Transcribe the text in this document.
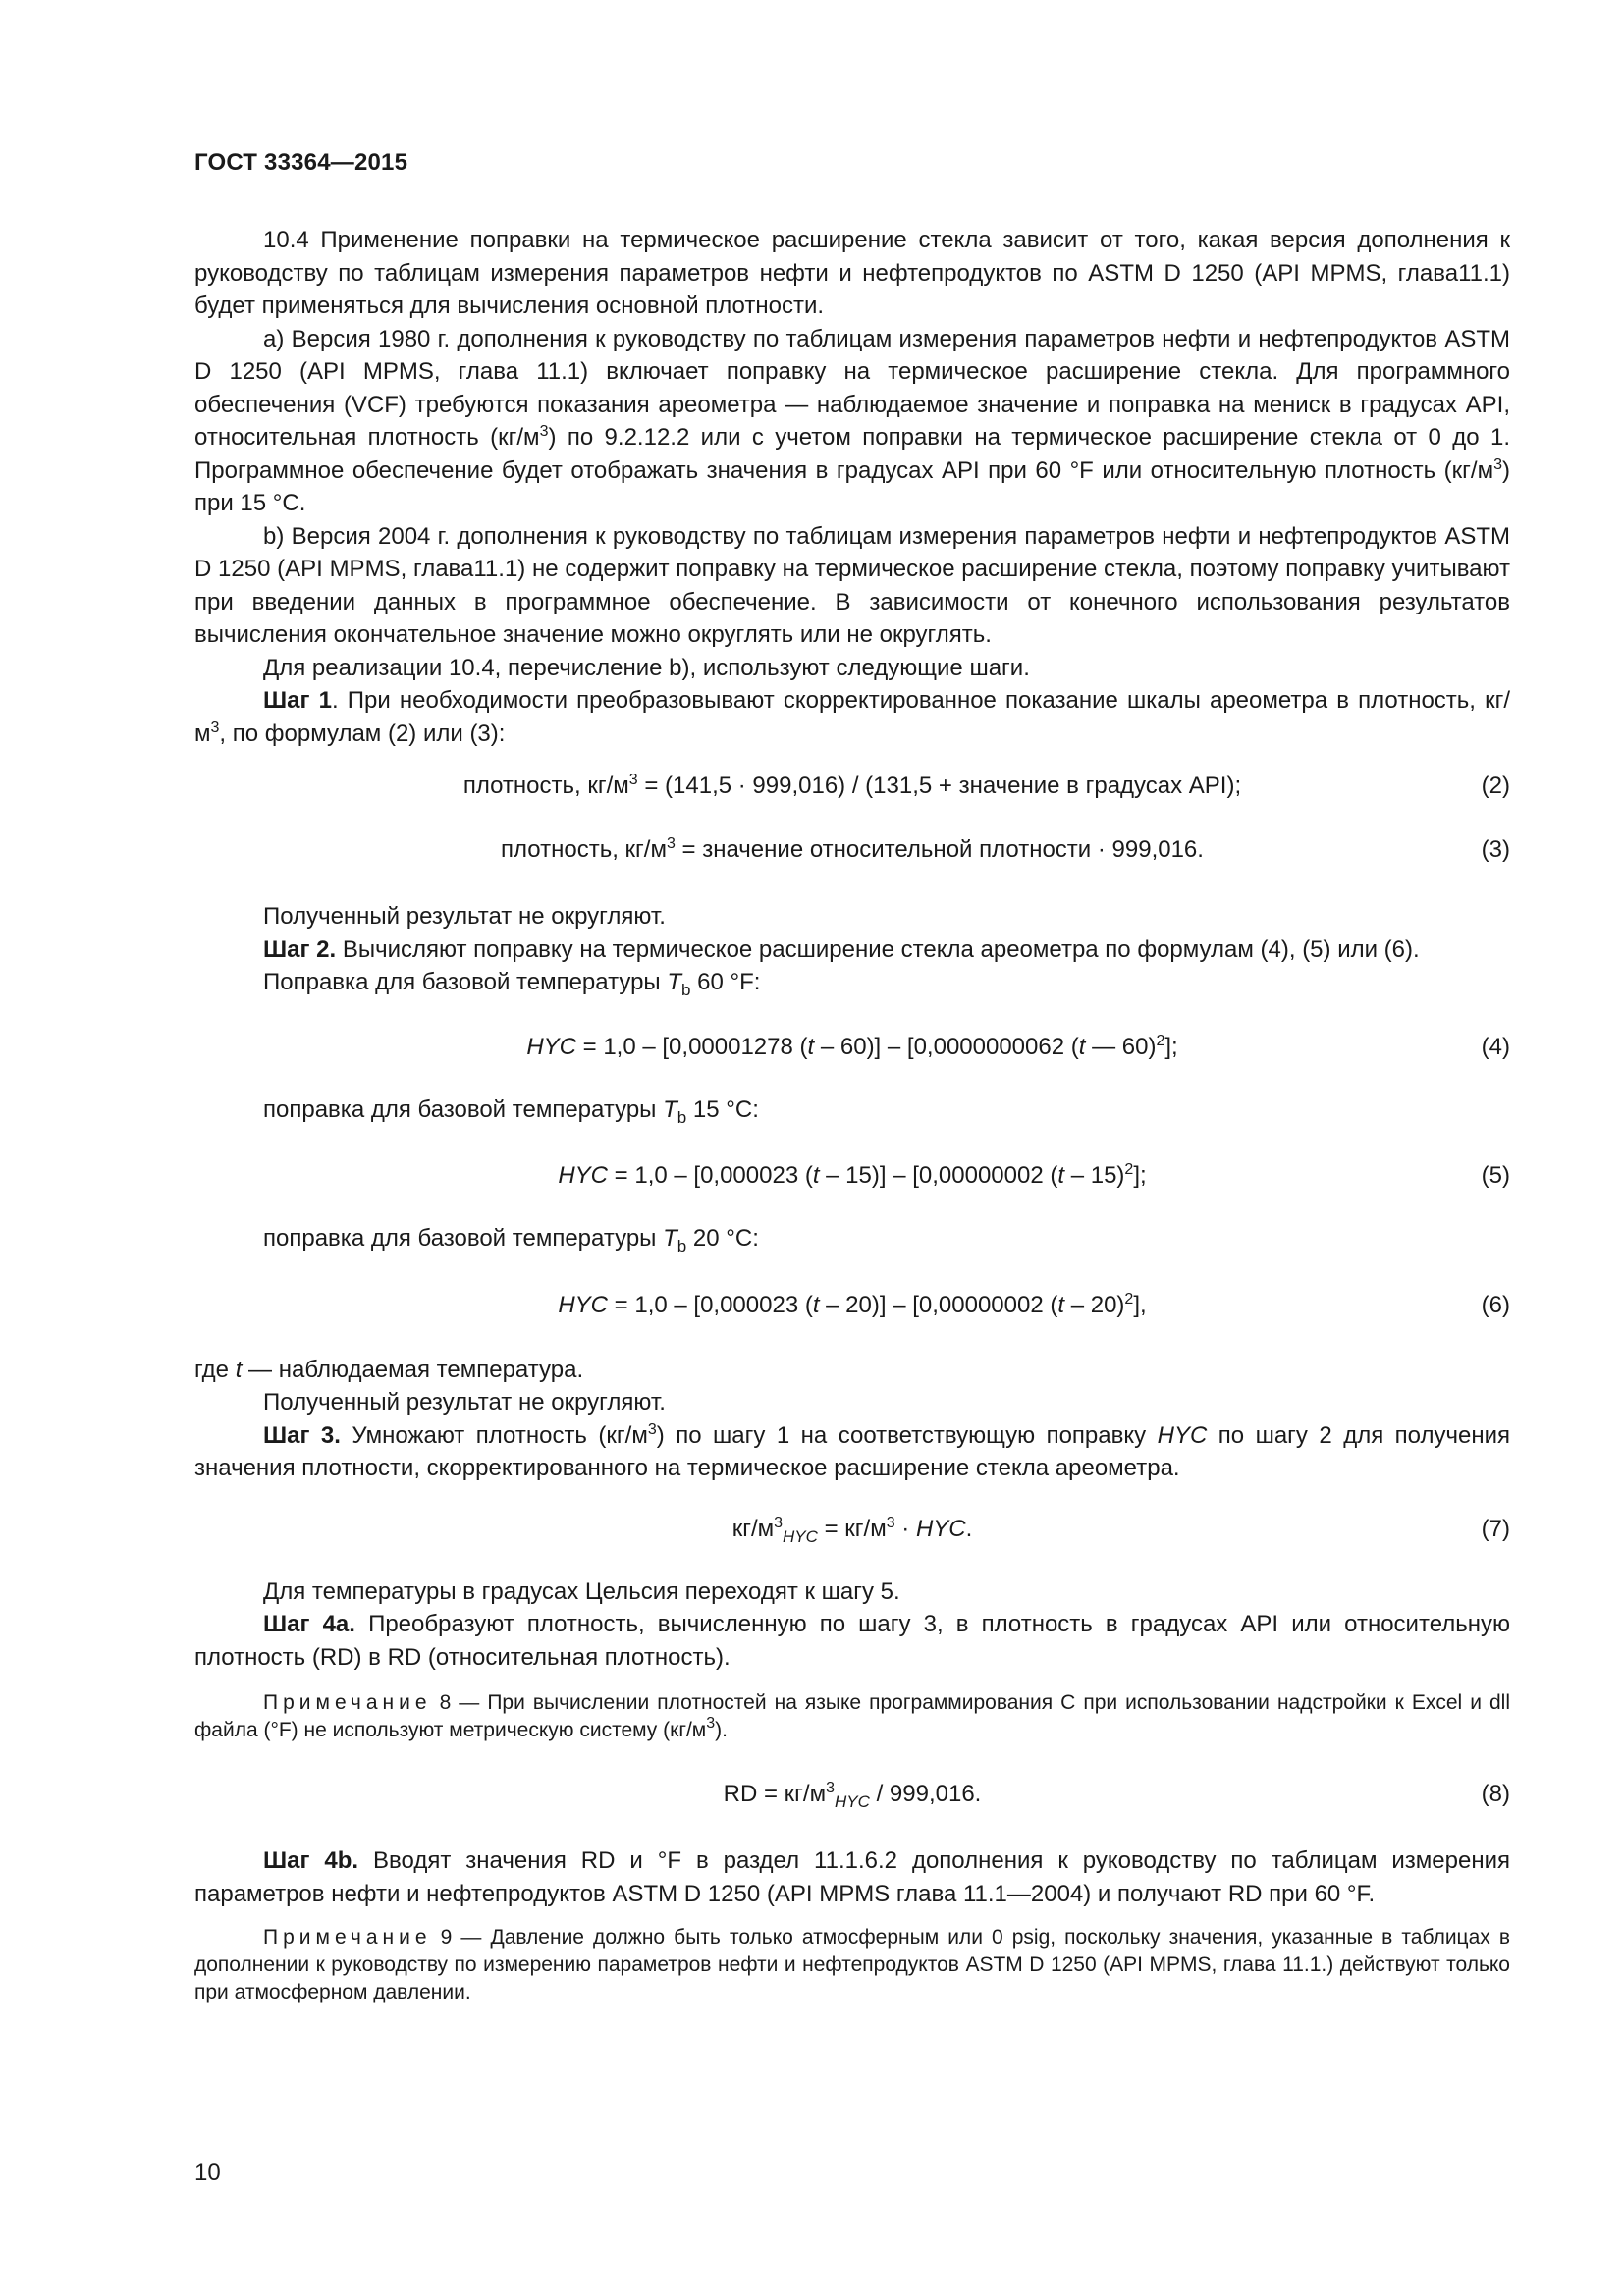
ГОСТ 33364—2015

10.4 Применение поправки на термическое расширение стекла зависит от того, какая версия дополнения к руководству по таблицам измерения параметров нефти и нефтепродуктов по ASTM D 1250 (API MPMS, глава11.1) будет применяться для вычисления основной плотности.

a) Версия 1980 г. дополнения к руководству по таблицам измерения параметров нефти и нефтепродуктов ASTM D 1250 (API MPMS, глава 11.1) включает поправку на термическое расширение стекла. Для программного обеспечения (VCF) требуются показания ареометра — наблюдаемое значение и поправка на мениск в градусах API, относительная плотность $(кг/м^3)$ по 9.2.12.2 или с учетом поправки на термическое расширение стекла от 0 до 1. Программное обеспечение будет отображать значения в градусах API при 60 °F или относительную плотность $(кг/м^3)$ при 15 °С.

b) Версия 2004 г. дополнения к руководству по таблицам измерения параметров нефти и нефтепродуктов ASTM D 1250 (API MPMS, глава11.1) не содержит поправку на термическое расширение стекла, поэтому поправку учитывают при введении данных в программное обеспечение. В зависимости от конечного использования результатов вычисления окончательное значение можно округлять или не округлять.

Для реализации 10.4, перечисление b), используют следующие шаги.

Шаг 1. При необходимости преобразовывают скорректированное показание шкалы ареометра в плотность, $кг/м^3$, по формулам (2) или (3):

плотность, $кг/м^3 = (141,5 \cdot 999,016) / (131,5$ + значение в градусах API);	(2)
плотность, $кг/м^3$ = значение относительной плотности · 999,016.	(3)

Полученный результат не округляют.

Шаг 2. Вычисляют поправку на термическое расширение стекла ареометра по формулам (4), (5) или (6).

Поправка для базовой температуры $T_b$ 60 °F:

HYC = 1,0 – [0,00001278 (t – 60)] – [0,0000000062 (t — 60)$^2$];	(4)

поправка для базовой температуры $T_b$ 15 °С:

HYC = 1,0 – [0,000023 (t – 15)] – [0,00000002 (t – 15)$^2$];	(5)

поправка для базовой температуры $T_b$ 20 °С:

HYC = 1,0 – [0,000023 (t – 20)] – [0,00000002 (t – 20)$^2$],	(6)

где t — наблюдаемая температура.

Полученный результат не округляют.

Шаг 3. Умножают плотность $(кг/м^3)$ по шагу 1 на соответствующую поправку HYC по шагу 2 для получения значения плотности, скорректированного на термическое расширение стекла ареометра.

$кг/м^3_{HYC} = кг/м^3$ · HYC.	(7)

Для температуры в градусах Цельсия переходят к шагу 5.

Шаг 4а. Преобразуют плотность, вычисленную по шагу 3, в плотность в градусах API или относительную плотность (RD) в RD (относительная плотность).

Примечание 8 — При вычислении плотностей на языке программирования С при использовании надстройки к Excel и dll файла (°F) не используют метрическую систему $(кг/м^3)$.

RD = $кг/м^3_{HYC} / 999,016$.	(8)

Шаг 4b. Вводят значения RD и °F в раздел 11.1.6.2 дополнения к руководству по таблицам измерения параметров нефти и нефтепродуктов ASTM D 1250 (API MPMS глава 11.1—2004) и получают RD при 60 °F.

Примечание 9 — Давление должно быть только атмосферным или 0 psig, поскольку значения, указанные в таблицах в дополнении к руководству по измерению параметров нефти и нефтепродуктов ASTM D 1250 (API MPMS, глава 11.1.) действуют только при атмосферном давлении.

10
